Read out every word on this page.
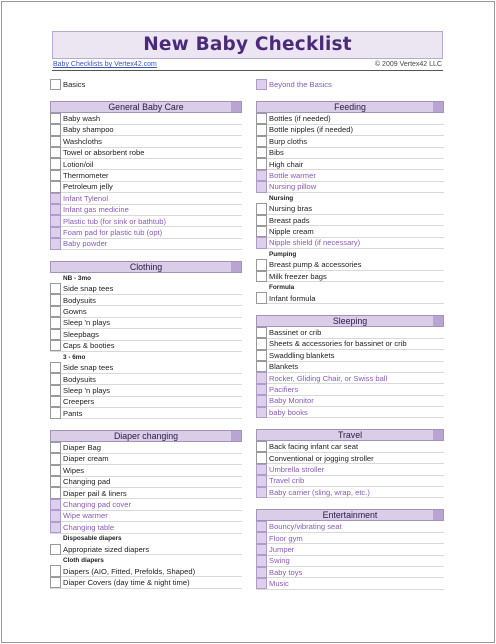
New Baby Checklist
Baby Checklists by Vertex42.com	© 2009 Vertex42 LLC
Basics
General Baby Care
Baby wash
Baby shampoo
Washcloths
Towel or absorbent robe
Lotion/oil
Thermometer
Petroleum jelly
Infant Tylenol
Infant gas medicine
Plastic tub (for sink or bathtub)
Foam pad for plastic tub (opt)
Baby powder
Clothing
NB - 3mo
Side snap tees
Bodysuits
Gowns
Sleep 'n plays
Sleepbags
Caps & booties
3 - 6mo
Side snap tees
Bodysuits
Sleep 'n plays
Creepers
Pants
Diaper changing
Diaper Bag
Diaper cream
Wipes
Changing pad
Diaper pail & liners
Changing pad cover
Wipe warmer
Changing table
Disposable diapers
Appropriate sized diapers
Cloth diapers
Diapers (AIO, Fitted, Prefolds, Shaped)
Diaper Covers (day time & night time)
Beyond the Basics
Feeding
Bottles (if needed)
Bottle nipples (if needed)
Burp cloths
Bibs
High chair
Bottle warmer
Nursing pillow
Nursing
Nursing bras
Breast pads
Nipple cream
Nipple shield (if necessary)
Pumping
Breast pump & accessories
Milk freezer bags
Formula
Infant formula
Sleeping
Bassinet or crib
Sheets & accessories for bassinet or crib
Swaddling blankets
Blankets
Rocker, Gliding Chair, or Swiss ball
Pacifiers
Baby Monitor
baby books
Travel
Back facing infant car seat
Conventional or jogging stroller
Umbrella stroller
Travel crib
Baby carrier (sling, wrap, etc.)
Entertainment
Bouncy/vibrating seat
Floor gym
Jumper
Swing
Baby toys
Music
